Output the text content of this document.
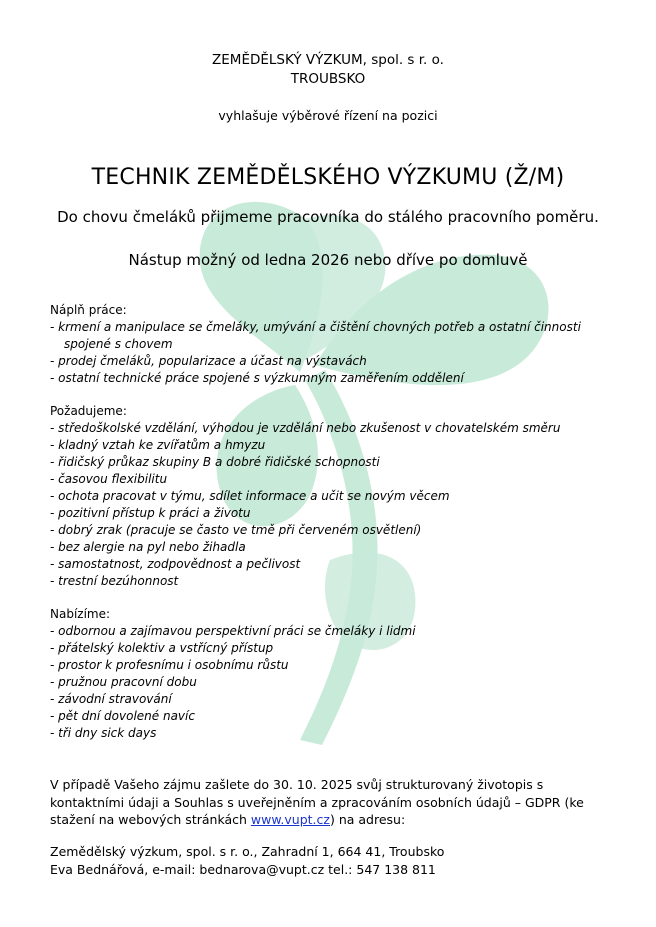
ZEMĚDĚLSKÝ VÝZKUM, spol. s r. o.
TROUBSKO
vyhlašuje výběrové řízení na pozici
TECHNIK ZEMĚDĚLSKÉHO VÝZKUMU (Ž/M)
Do chovu čmeláků přijmeme pracovníka do stálého pracovního poměru.
Nástup možný od ledna 2026 nebo dříve po domluvě
Náplň práce:
- krmení a manipulace se čmeláky, umývání a čištění chovných potřeb a ostatní činnosti spojené s chovem
- prodej čmeláků, popularizace a účast na výstavách
- ostatní technické práce spojené s výzkumným zaměřením oddělení
Požadujeme:
- středoškolské vzdělání, výhodou je vzdělání nebo zkušenost v chovatelském směru
- kladný vztah ke zvířatům a hmyzu
- řidičský průkaz skupiny B a dobré řidičské schopnosti
- časovou flexibilitu
- ochota pracovat v týmu, sdílet informace a učit se novým věcem
- pozitivní přístup k práci a životu
- dobrý zrak (pracuje se často ve tmě při červeném osvětlení)
- bez alergie na pyl nebo žihadla
- samostatnost, zodpovědnost a pečlivost
- trestní bezúhonnost
Nabízíme:
- odbornou a zajímavou perspektivní práci se čmeláky i lidmi
- přátelský kolektiv a vstřícný přístup
- prostor k profesnímu i osobnímu růstu
- pružnou pracovní dobu
- závodní stravování
- pět dní dovolené navíc
- tři dny sick days
V případě Vašeho zájmu zašlete do 30. 10. 2025 svůj strukturovaný životopis s kontaktními údaji a Souhlas s uveřejněním a zpracováním osobních údajů – GDPR (ke stažení na webových stránkách www.vupt.cz) na adresu:
Zemědělský výzkum, spol. s r. o., Zahradní 1, 664 41, Troubsko
Eva Bednářová, e-mail: bednarova@vupt.cz tel.: 547 138 811
